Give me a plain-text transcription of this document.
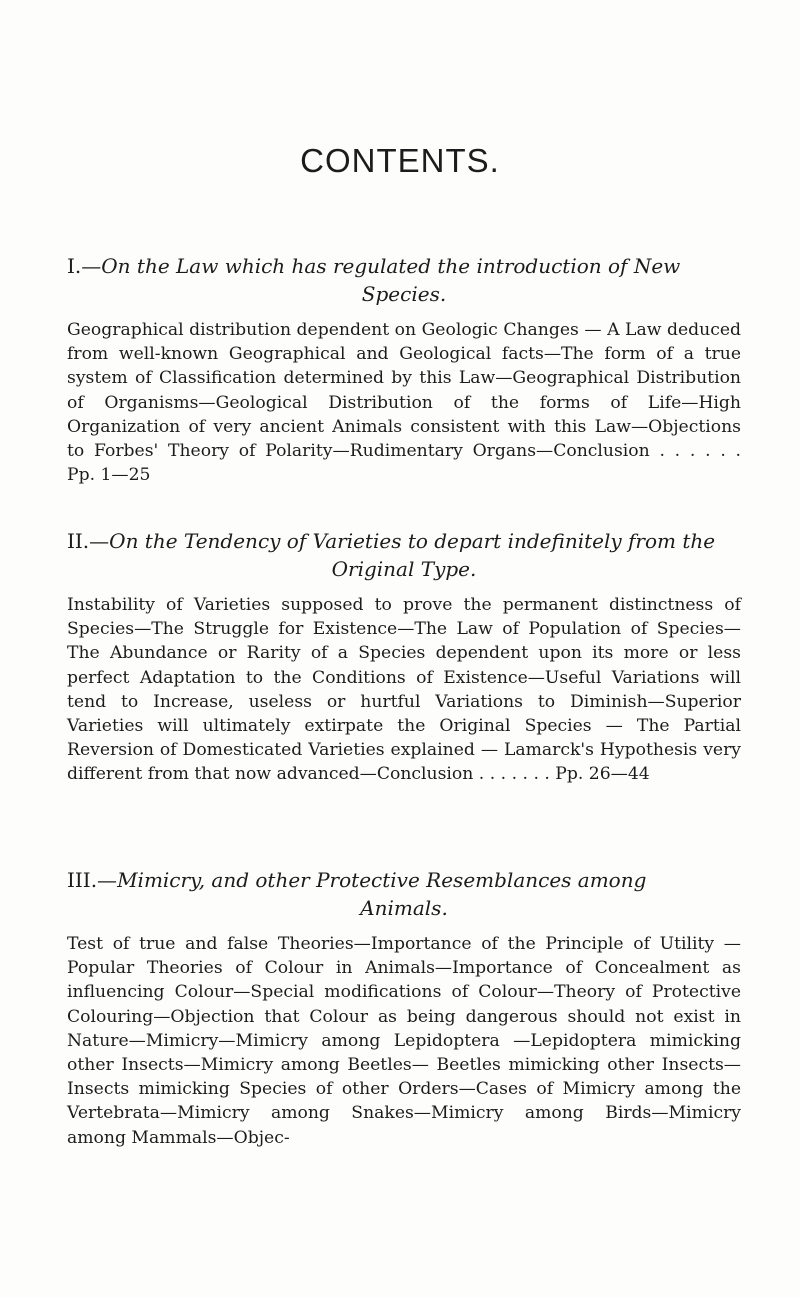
CONTENTS.

I.—On the Law which has regulated the introduction of New
Species.

Geographical distribution dependent on Geologic Changes — A Law deduced from well-known Geographical and Geological facts—The form of a true system of Classification determined by this Law—Geographical Distribution of Organisms—Geological Distribution of the forms of Life—High Organization of very ancient Animals consistent with this Law—Objections to Forbes' Theory of Polarity—Rudimentary Organs—Conclusion . . . . . . Pp. 1—25

II.—On the Tendency of Varieties to depart indefinitely from the
Original Type.

Instability of Varieties supposed to prove the permanent distinctness of Species—The Struggle for Existence—The Law of Population of Species—The Abundance or Rarity of a Species dependent upon its more or less perfect Adaptation to the Conditions of Existence—Useful Variations will tend to Increase, useless or hurtful Variations to Diminish—Superior Varieties will ultimately extirpate the Original Species — The Partial Reversion of Domesticated Varieties explained — Lamarck's Hypothesis very different from that now advanced—Conclusion . . . . . . . Pp. 26—44

III.—Mimicry, and other Protective Resemblances among
Animals.

Test of true and false Theories—Importance of the Principle of Utility —Popular Theories of Colour in Animals—Importance of Concealment as influencing Colour—Special modifications of Colour—Theory of Protective Colouring—Objection that Colour as being dangerous should not exist in Nature—Mimicry—Mimicry among Lepidoptera —Lepidoptera mimicking other Insects—Mimicry among Beetles— Beetles mimicking other Insects—Insects mimicking Species of other Orders—Cases of Mimicry among the Vertebrata—Mimicry among Snakes—Mimicry among Birds—Mimicry among Mammals—Objec-
